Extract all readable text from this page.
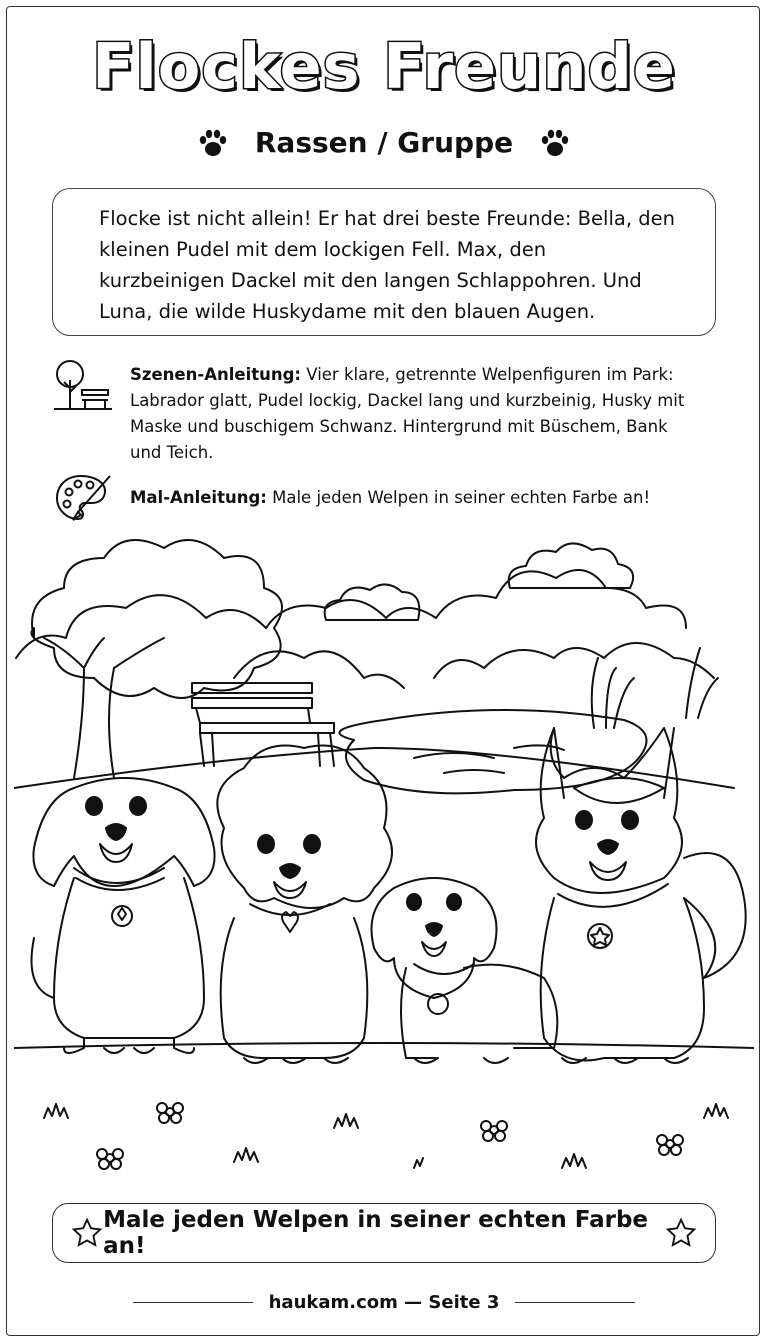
Flockes Freunde
Rassen / Gruppe
Flocke ist nicht allein! Er hat drei beste Freunde: Bella, den kleinen Pudel mit dem lockigen Fell. Max, den kurzbeinigen Dackel mit den langen Schlappohren. Und Luna, die wilde Huskydame mit den blauen Augen.
Szenen-Anleitung: Vier klare, getrennte Welpenfiguren im Park: Labrador glatt, Pudel lockig, Dackel lang und kurzbeinig, Husky mit Maske und buschigem Schwanz. Hintergrund mit Büschem, Bank und Teich.
Mal-Anleitung: Male jeden Welpen in seiner echten Farbe an!
Male jeden Welpen in seiner echten Farbe an!
haukam.com — Seite 3
